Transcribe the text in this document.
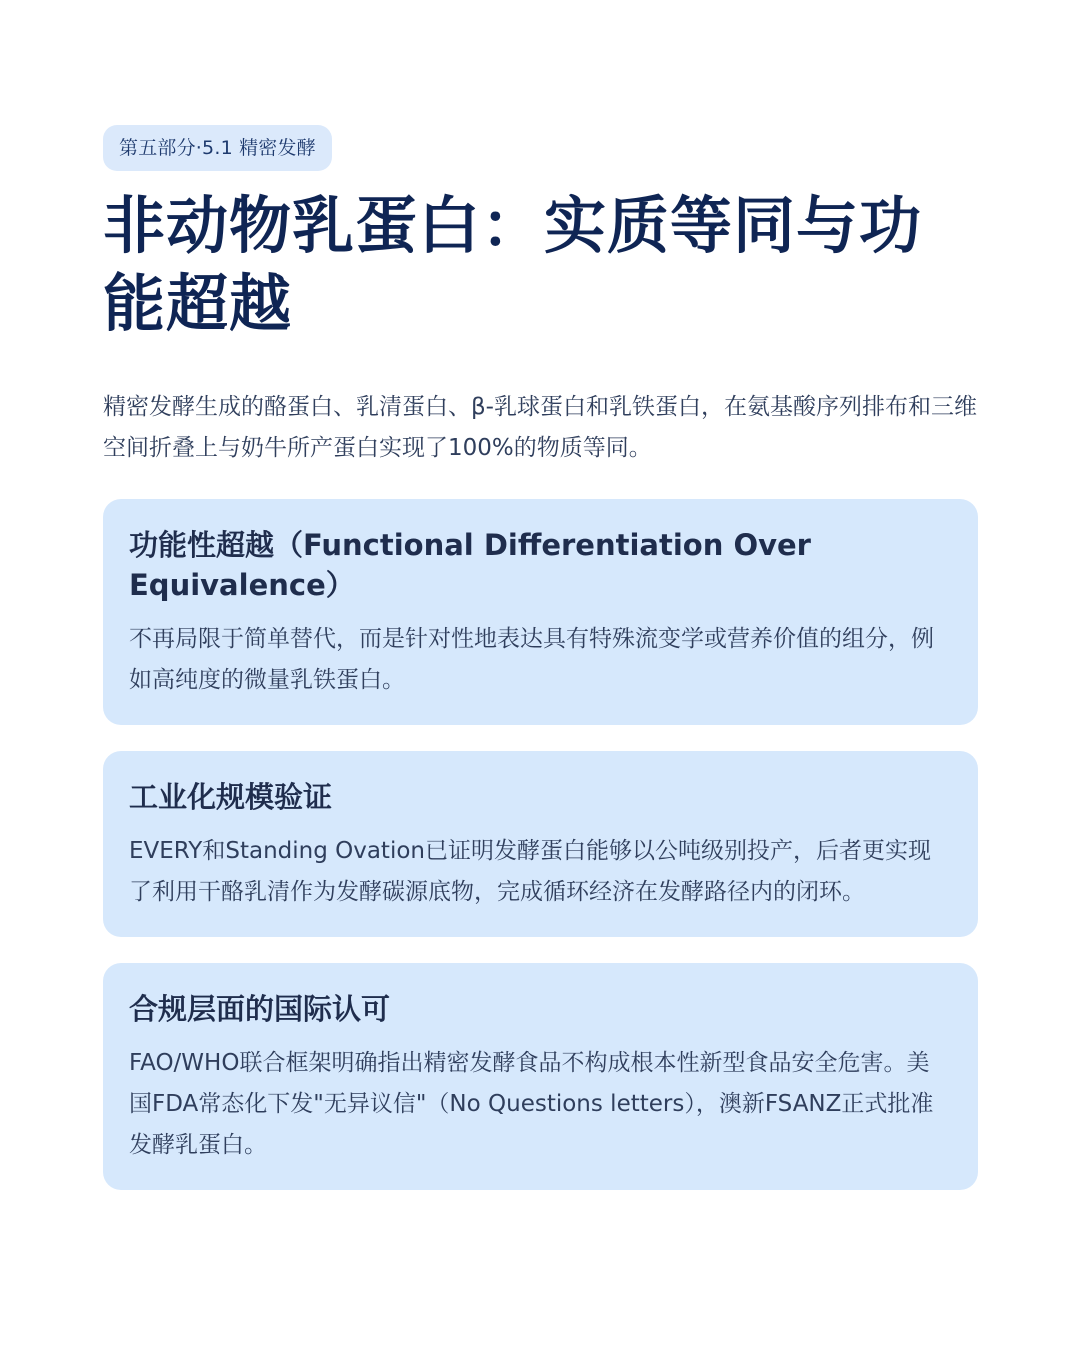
第五部分·5.1 精密发酵
非动物乳蛋白：实质等同与功能超越

精密发酵生成的酪蛋白、乳清蛋白、β-乳球蛋白和乳铁蛋白，在氨基酸序列排布和三维空间折叠上与奶牛所产蛋白实现了100%的物质等同。

功能性超越（Functional Differentiation Over Equivalence）

不再局限于简单替代，而是针对性地表达具有特殊流变学或营养价值的组分，例如高纯度的微量乳铁蛋白。

工业化规模验证

EVERY和Standing Ovation已证明发酵蛋白能够以公吨级别投产，后者更实现了利用干酪乳清作为发酵碳源底物，完成循环经济在发酵路径内的闭环。

合规层面的国际认可

FAO/WHO联合框架明确指出精密发酵食品不构成根本性新型食品安全危害。美国FDA常态化下发"无异议信"（No Questions letters），澳新FSANZ正式批准发酵乳蛋白。
